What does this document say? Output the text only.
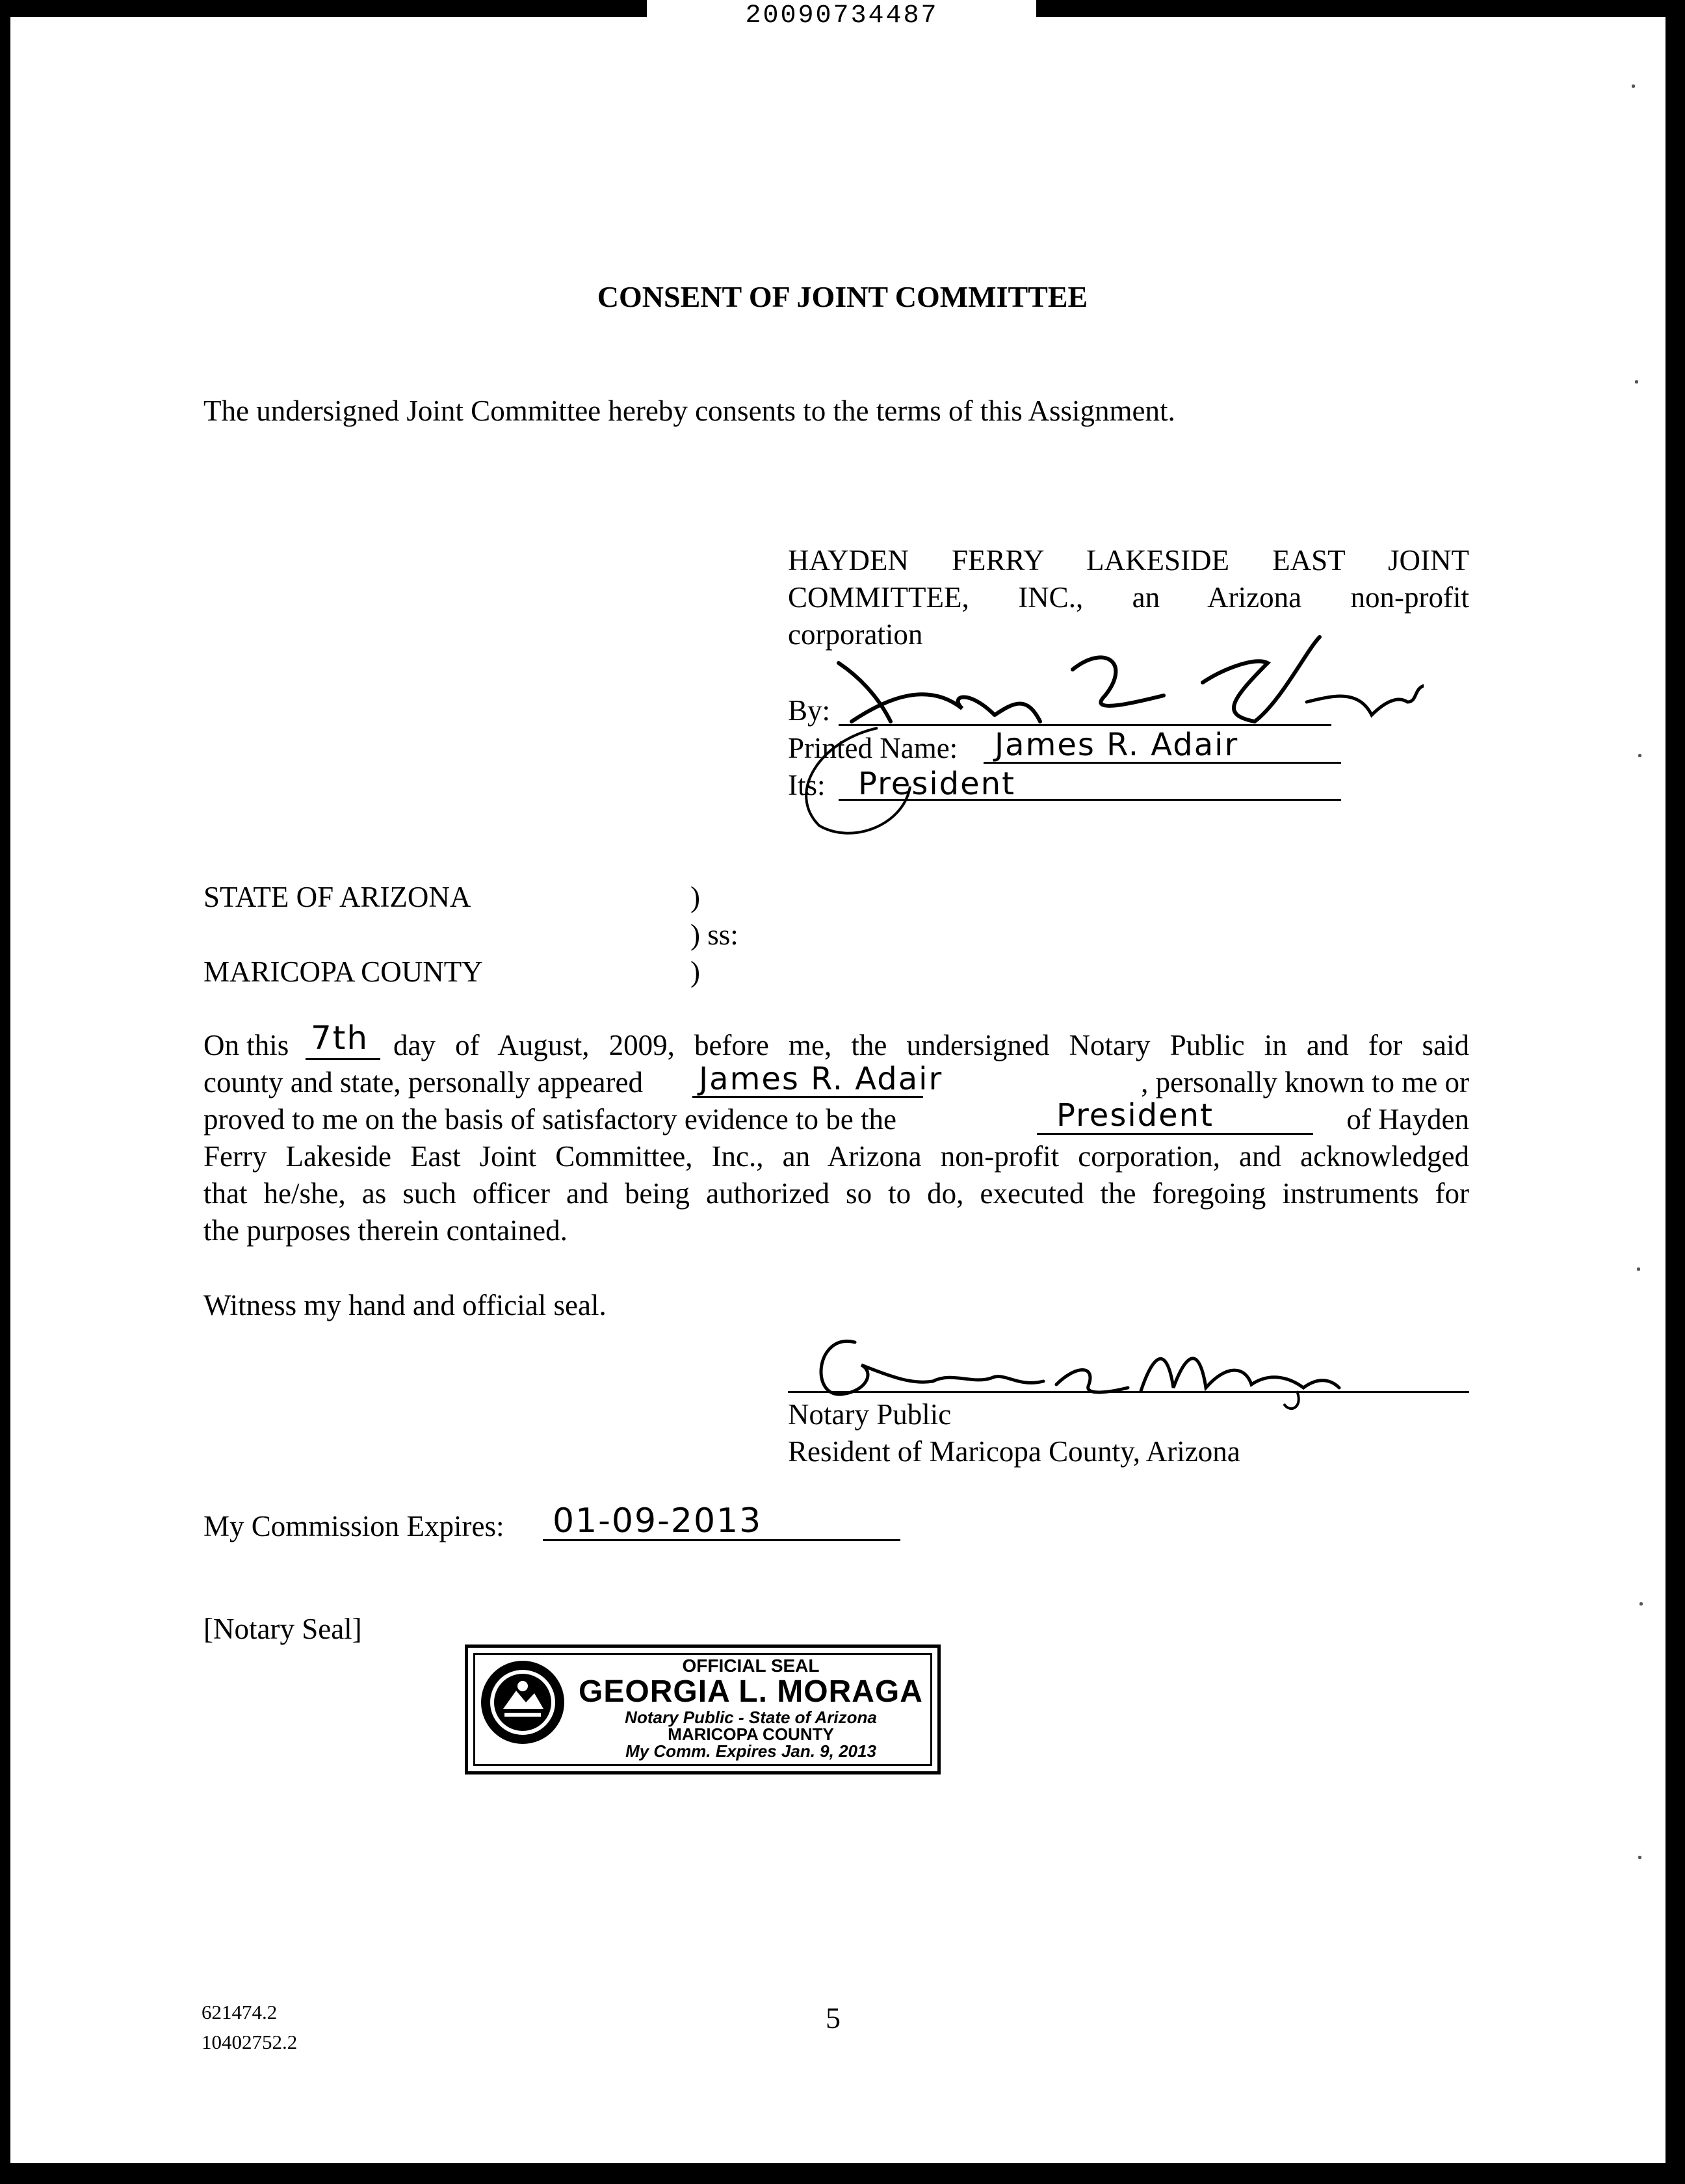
20090734487
CONSENT OF JOINT COMMITTEE
The undersigned Joint Committee hereby consents to the terms of this Assignment.
HAYDEN FERRY LAKESIDE EAST JOINT
COMMITTEE, INC., an Arizona non-profit
corporation
By:
Printed Name: James R. Adair
Its: President
STATE OF ARIZONA	)
) ss:
MARICOPA COUNTY	)
On this 7th day of August, 2009, before me, the undersigned Notary Public in and for said
county and state, personally appeared James R. Adair	, personally known to me or
proved to me on the basis of satisfactory evidence to be the	President	of Hayden
Ferry Lakeside East Joint Committee, Inc., an Arizona non-profit corporation, and acknowledged
that he/she, as such officer and being authorized so to do, executed the foregoing instruments for
the purposes therein contained.
Witness my hand and official seal.
Notary Public
Resident of Maricopa County, Arizona
My Commission Expires: 01-09-2013
[Notary Seal]
OFFICIAL SEAL
GEORGIA L. MORAGA
Notary Public - State of Arizona
MARICOPA COUNTY
My Comm. Expires Jan. 9, 2013
621474.2
10402752.2
5
